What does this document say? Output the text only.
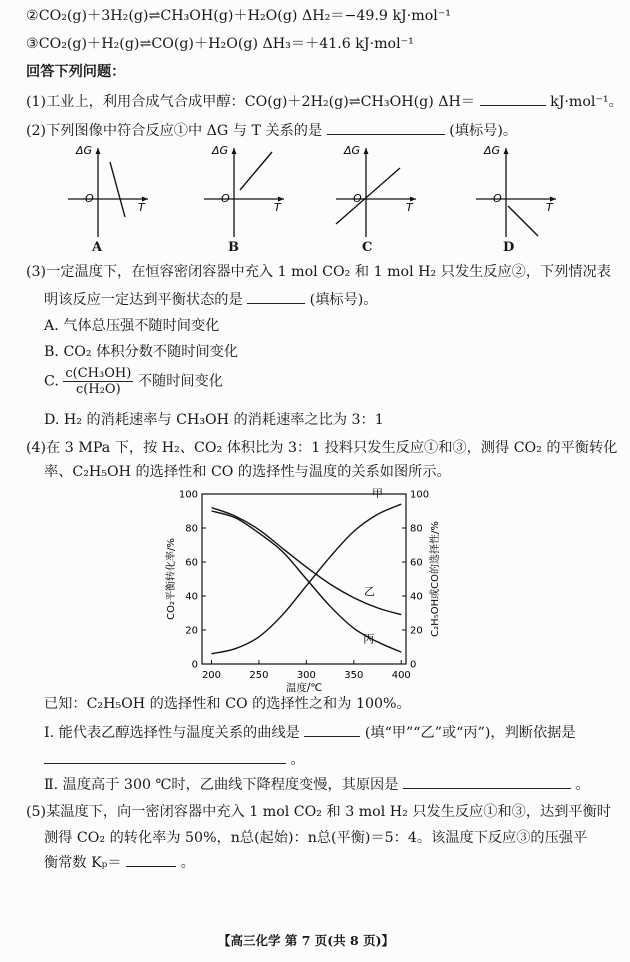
②CO₂(g)＋3H₂(g)⇌CH₃OH(g)＋H₂O(g) ΔH₂＝−49.9 kJ·mol⁻¹
③CO₂(g)＋H₂(g)⇌CO(g)＋H₂O(g) ΔH₃＝＋41.6 kJ·mol⁻¹
回答下列问题：
(1)工业上，利用合成气合成甲醇：CO(g)＋2H₂(g)⇌CH₃OH(g) ΔH＝	kJ·mol⁻¹。
(2)下列图像中符合反应①中 ΔG 与 T 关系的是	(填标号)。
ΔG
O
T
A
ΔG
O
T
B
ΔG
O
T
C
ΔG
O
T
D
(3)一定温度下，在恒容密闭容器中充入 1 mol CO₂ 和 1 mol H₂ 只发生反应②，下列情况表
明该反应一定达到平衡状态的是	(填标号)。
A. 气体总压强不随时间变化
B. CO₂ 体积分数不随时间变化
C. $\frac{\text{c(CH₃OH)}}{\text{c(H₂O)}}$ 不随时间变化
D. H₂ 的消耗速率与 CH₃OH 的消耗速率之比为 3：1
(4)在 3 MPa 下，按 H₂、CO₂ 体积比为 3：1 投料只发生反应①和③，测得 CO₂ 的平衡转化
率、C₂H₅OH 的选择性和 CO 的选择性与温度的关系如图所示。
200	250	300	350	400
0	0
20	20
40	40
60	60
80	80
100	100
温度/℃
CO₂平衡转化率/%	C₂H₅OH或CO的选择性/%
甲
乙
丙
已知：C₂H₅OH 的选择性和 CO 的选择性之和为 100%。
Ⅰ. 能代表乙醇选择性与温度关系的曲线是	(填“甲”“乙”或“丙”)，判断依据是
。
Ⅱ. 温度高于 300 ℃时，乙曲线下降程度变慢，其原因是	。
(5)某温度下，向一密闭容器中充入 1 mol CO₂ 和 3 mol H₂ 只发生反应①和③，达到平衡时
测得 CO₂ 的转化率为 50%，n总(起始)：n总(平衡)＝5：4。该温度下反应③的压强平
衡常数 Kₚ＝	。
【高三化学 第 7 页(共 8 页)】
